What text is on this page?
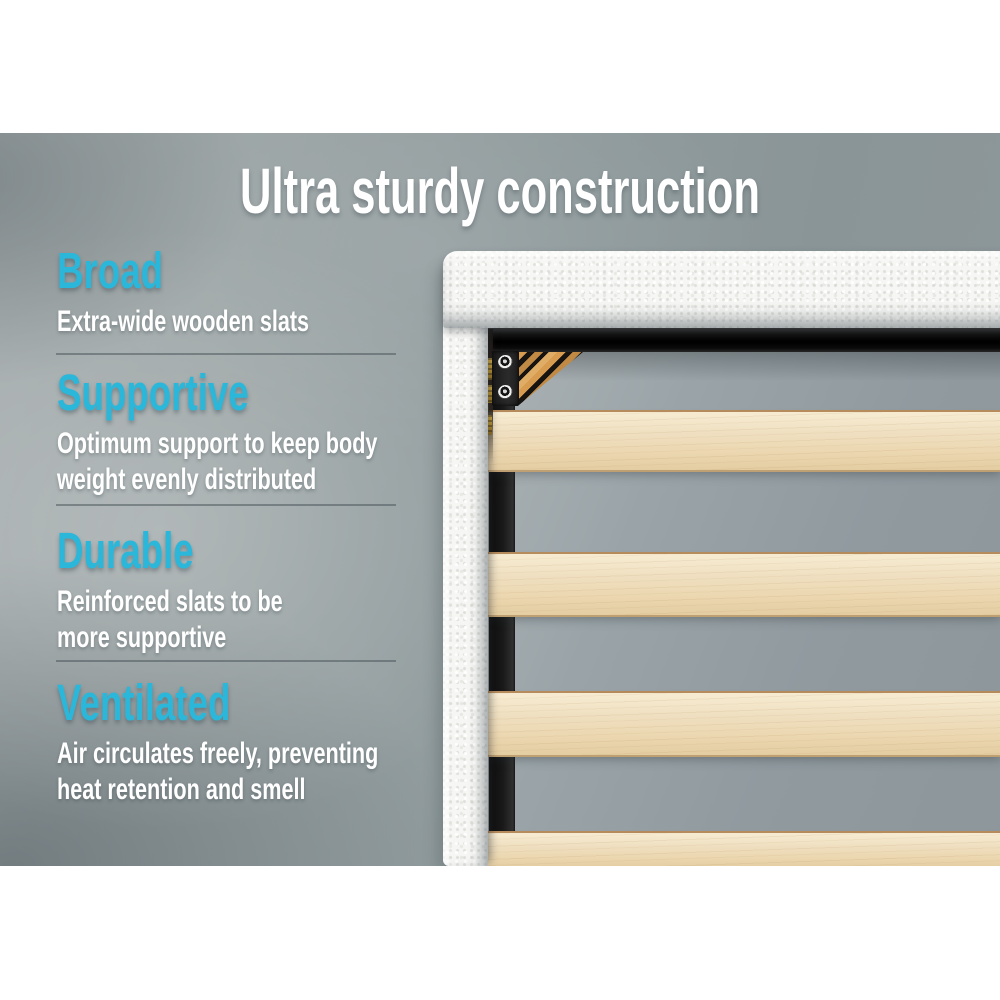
Ultra sturdy construction
Broad

Extra-wide wooden slats

Supportive

Optimum support to keep body

weight evenly distributed

Durable

Reinforced slats to be

more supportive

Ventilated

Air circulates freely, preventing

heat retention and smell
